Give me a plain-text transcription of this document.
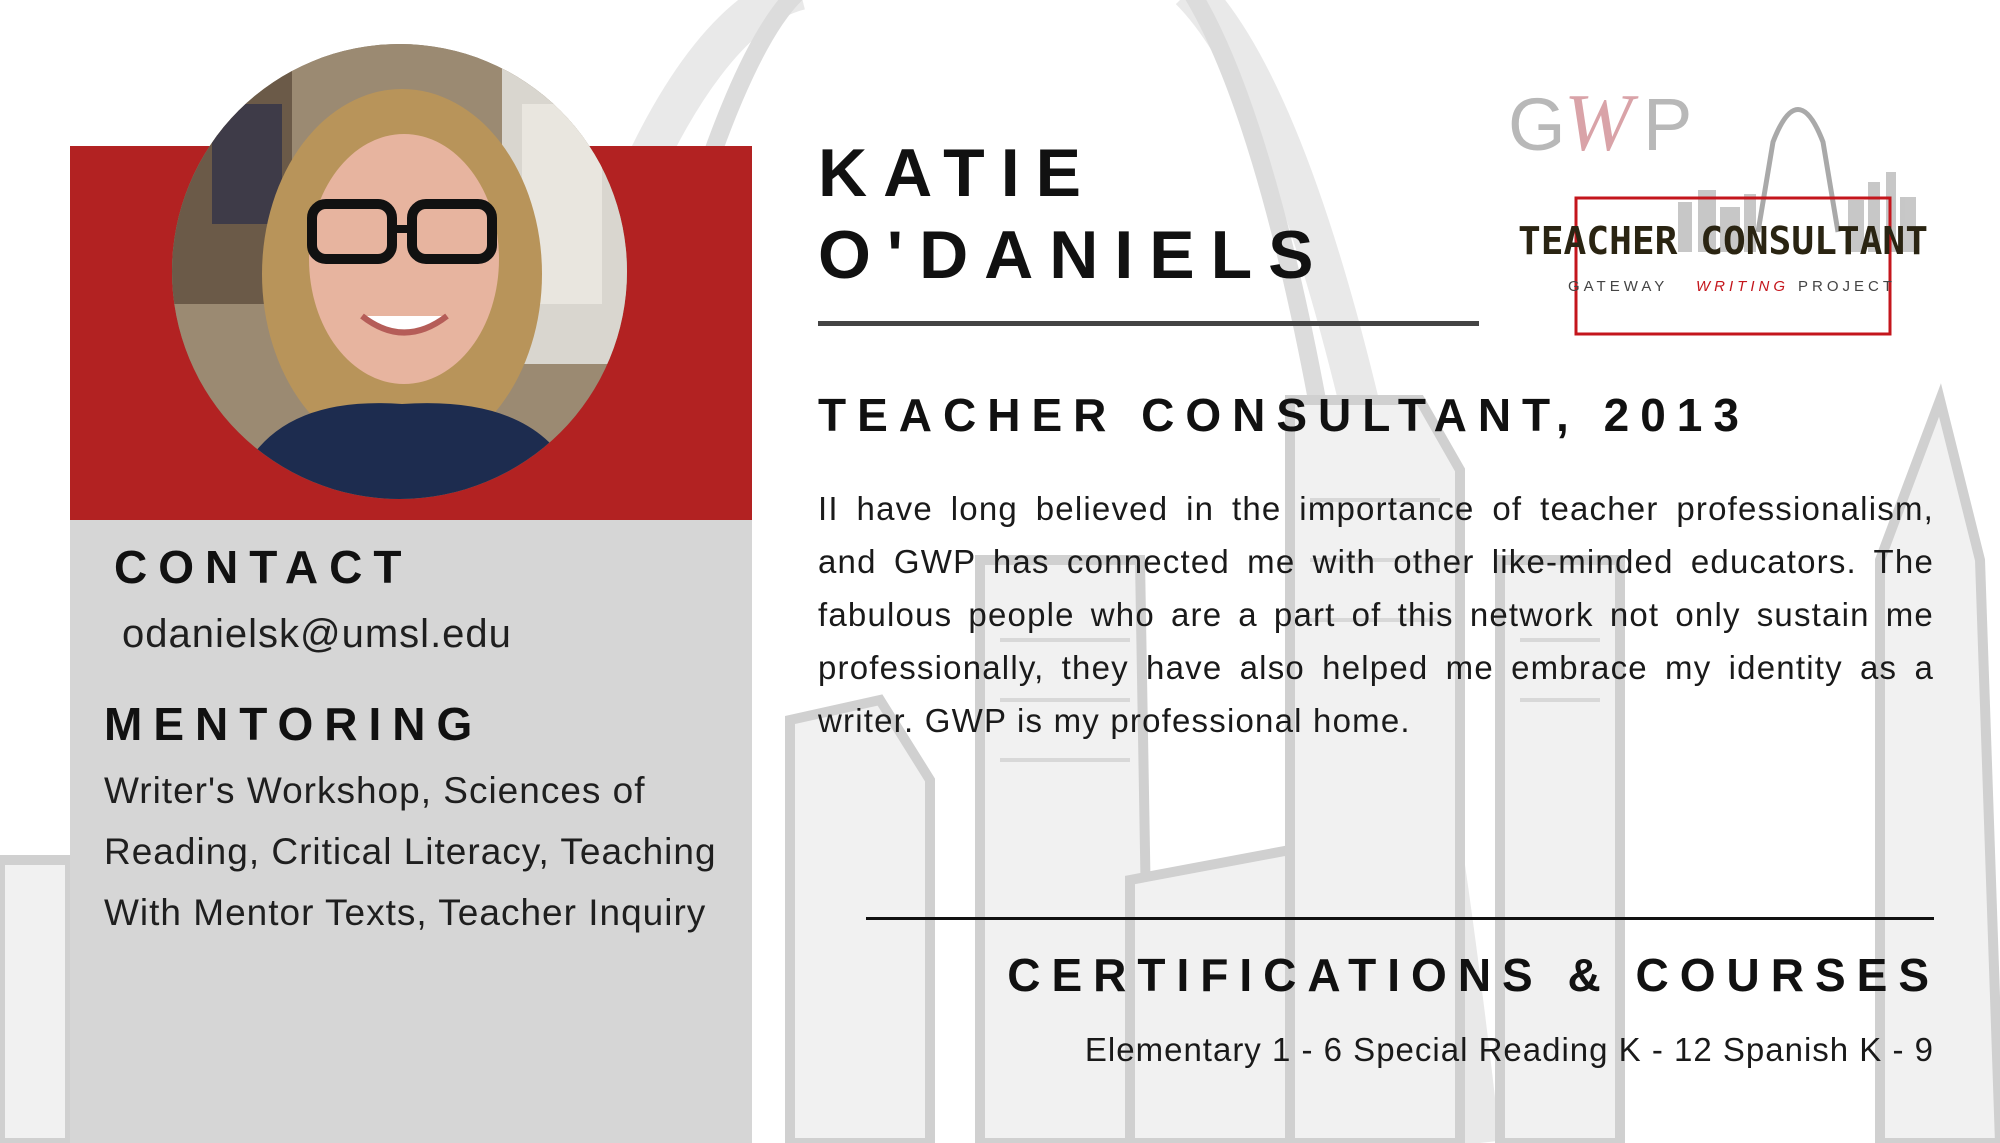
CONTACT
odanielsk@umsl.edu
MENTORING
Writer's Workshop, Sciences of Reading, Critical Literacy, Teaching With Mentor Texts, Teacher Inquiry
KATIE
O'DANIELS
TEACHER CONSULTANT, 2013
II have long believed in the importance of teacher professionalism, and GWP has connected me with other like-minded educators. The fabulous people who are a part of this network not only sustain me professionally, they have also helped me embrace my identity as a writer. GWP is my professional home.
G
W P
TEACHER CONSULTANT
GATEWAY WRITING PROJECT
CERTIFICATIONS & COURSES
Elementary 1 - 6 Special Reading K - 12 Spanish K - 9
